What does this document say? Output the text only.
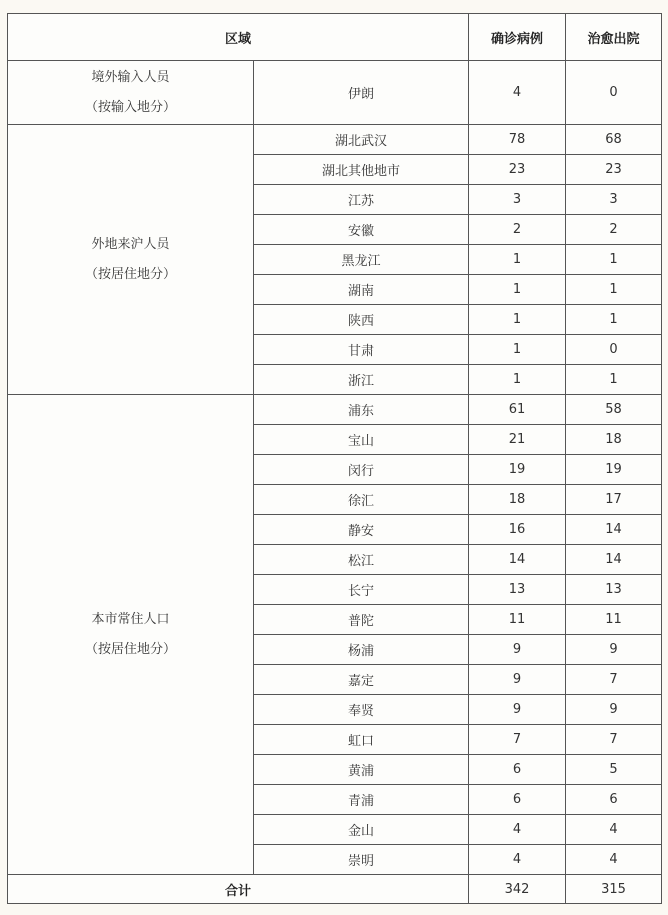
区域		确诊病例	治愈出院

境外输入人员
（按输入地分）	伊朗	4	0

外地来沪人员
（按居住地分）	湖北武汉	78	68
	湖北其他地市	23	23
	江苏	3	3
	安徽	2	2
	黑龙江	1	1
	湖南	1	1
	陕西	1	1
	甘肃	1	0
	浙江	1	1

本市常住人口
（按居住地分）	浦东	61	58
	宝山	21	18
	闵行	19	19
	徐汇	18	17
	静安	16	14
	松江	14	14
	长宁	13	13
	普陀	11	11
	杨浦	9	9
	嘉定	9	7
	奉贤	9	9
	虹口	7	7
	黄浦	6	5
	青浦	6	6
	金山	4	4
	崇明	4	4
合计		342	315
